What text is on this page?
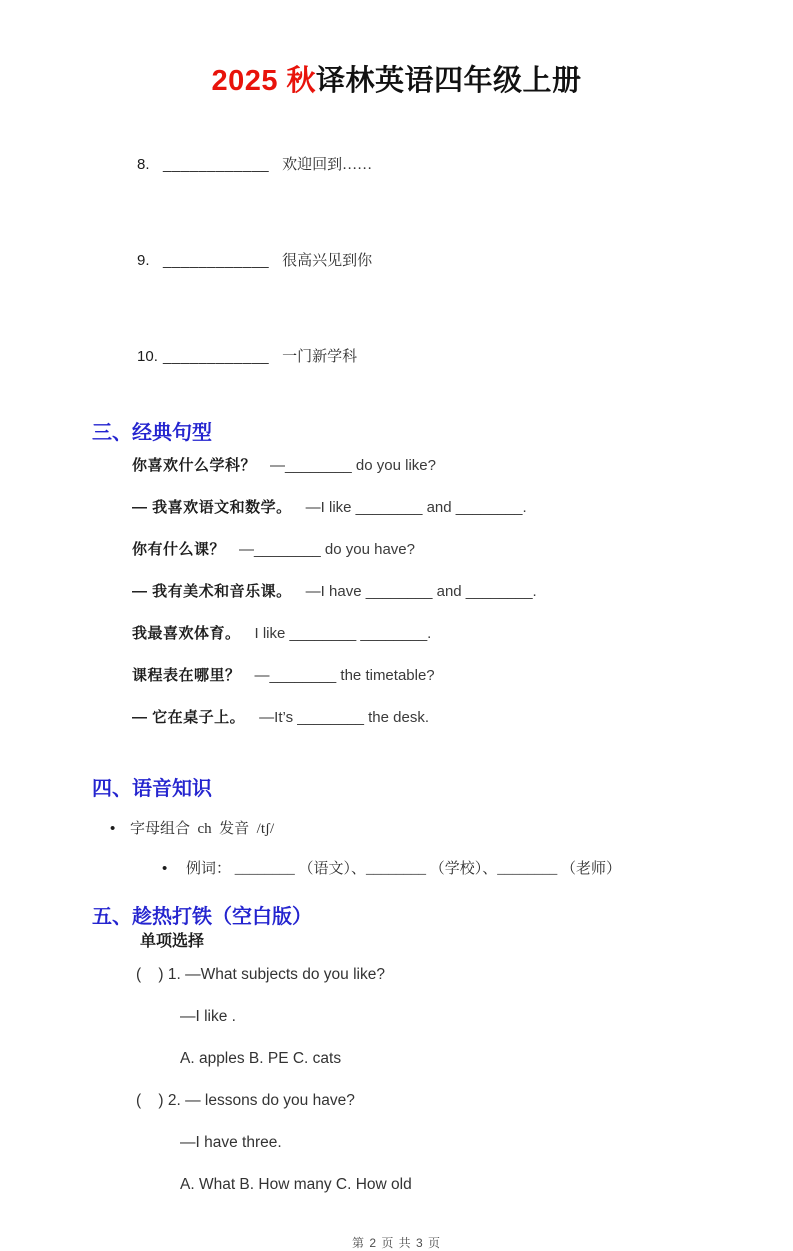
2025 秋译林英语四年级上册

8. ____________ 欢迎回到……

9. ____________ 很高兴见到你

10. ____________ 一门新学科

三、经典句型
你喜欢什么学科？ —________ do you like?
— 我喜欢语文和数学。 —I like ________ and ________.
你有什么课？ —________ do you have?
— 我有美术和音乐课。 —I have ________ and ________.
我最喜欢体育。 I like ________ ________.
课程表在哪里？ —________ the timetable?
— 它在桌子上。 —It’s ________ the desk.
四、语音知识
• 字母组合  ch  发音  /tʃ/
• 例词： ________ （语文）、________ （学校）、________ （老师）
五、趁热打铁（空白版）
单项选择
(    ) 1. —What subjects do you like?
—I like .
A. apples B. PE C. cats
(    ) 2. — lessons do you have?
—I have three.
A. What B. How many C. How old
第 2 页 共 3 页
